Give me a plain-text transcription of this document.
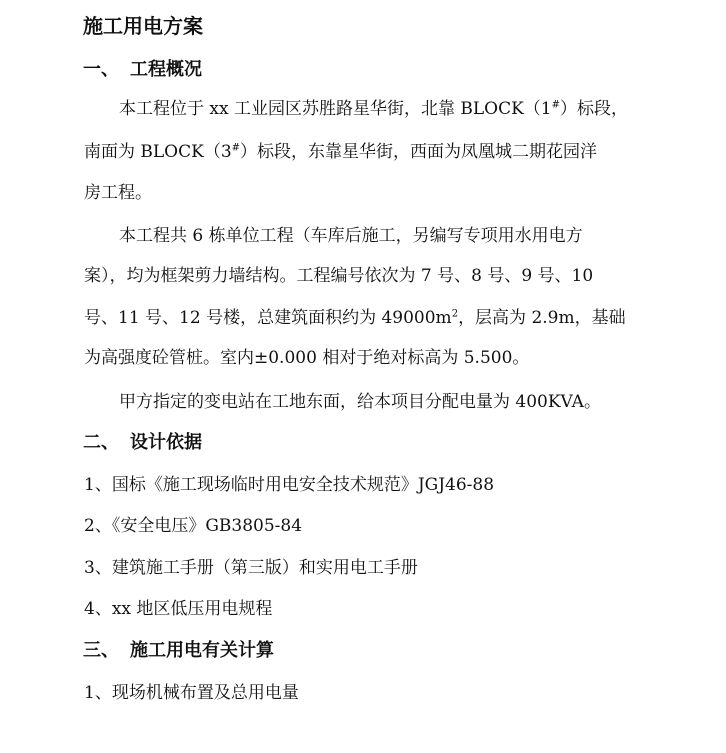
施工用电方案
一、 工程概况
本工程位于 xx 工业园区苏胜路星华街，北靠 BLOCK（1#）标段，
南面为 BLOCK（3#）标段，东靠星华街，西面为凤凰城二期花园洋
房工程。
本工程共 6 栋单位工程（车库后施工，另编写专项用水用电方
案），均为框架剪力墙结构。工程编号依次为 7 号、8 号、9 号、10
号、11 号、12 号楼，总建筑面积约为 $49000m^2$，层高为 2.9m，基础
为高强度砼管桩。室内±0.000 相对于绝对标高为 5.500。
甲方指定的变电站在工地东面，给本项目分配电量为 400KVA。
二、 设计依据
1、国标《施工现场临时用电安全技术规范》JGJ46-88
2、《安全电压》GB3805-84
3、建筑施工手册（第三版）和实用电工手册
4、xx 地区低压用电规程
三、 施工用电有关计算
1、现场机械布置及总用电量
